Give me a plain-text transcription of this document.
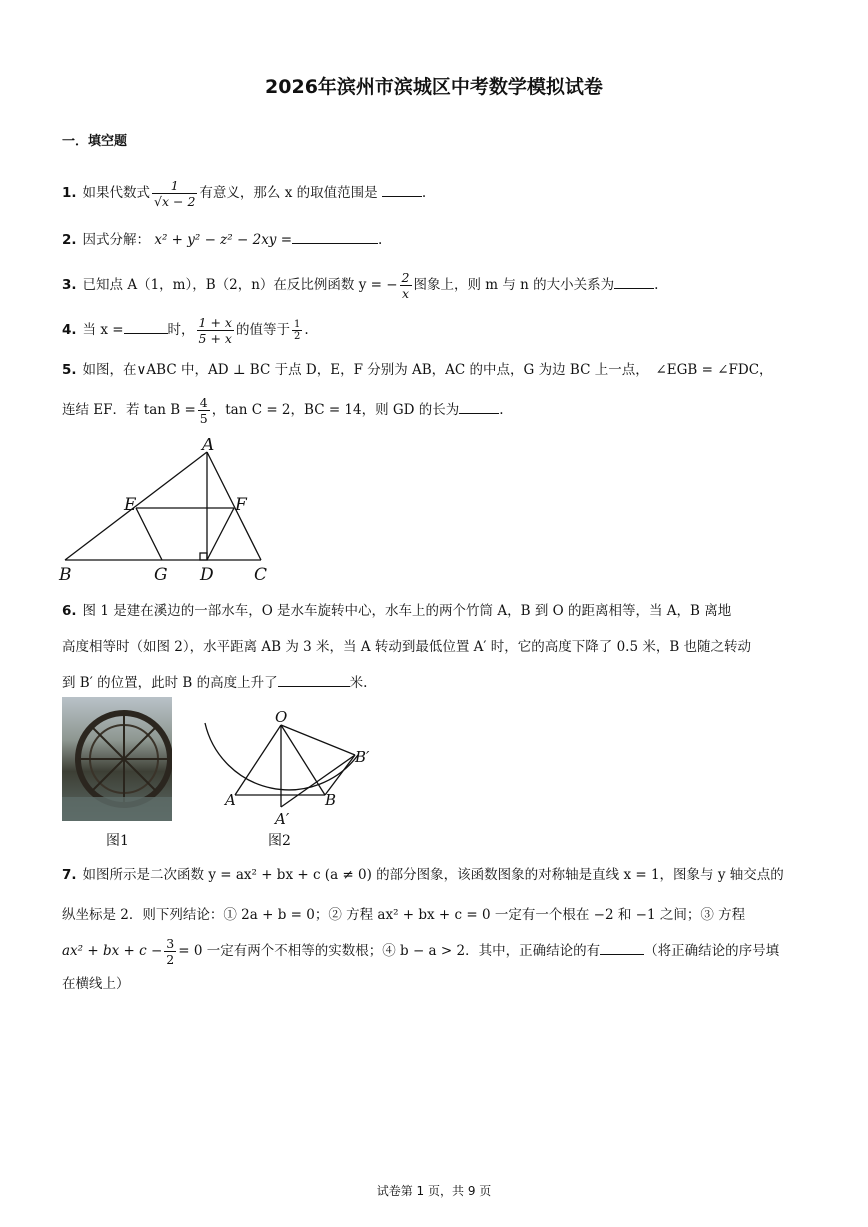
2026年滨州市滨城区中考数学模拟试卷
一．填空题
1. 如果代数式 $\frac{1}{√x - 2}$ 有意义，那么 x 的取值范围是	.
2. 因式分解： x² + y² − z² − 2xy =	.
3. 已知点 A（1，m），B（2，n）在反比例函数 y = − $\frac{2}{x}$ 图象上，则 m 与 n 的大小关系为	.
4. 当 x =	时， $\frac{1 + x}{5 + x}$ 的值等于 $\frac{1}{2}$ .
5. 如图，在∨ABC 中，AD ⊥ BC 于点 D，E，F 分别为 AB，AC 的中点，G 为边 BC 上一点，　∠EGB = ∠FDC，
连结 EF．若 $\tan B = \frac{4}{5}$ ，tan C = 2，BC = 14，则 GD 的长为	.
A
B	C
D
E	F
G
6. 图 1 是建在溪边的一部水车，O 是水车旋转中心，水车上的两个竹筒 A，B 到 O 的距离相等，当 A，B 离地
高度相等时（如图 2），水平距离 AB 为 3 米，当 A 转动到最低位置 A′ 时，它的高度下降了 0.5 米，B 也随之转动
到 B′ 的位置，此时 B 的高度上升了	米.
图1
O
A	B
A′
B′
图2
7. 如图所示是二次函数 y = ax² + bx + c (a ≠ 0) 的部分图象，该函数图象的对称轴是直线 x = 1，图象与 y 轴交点的
纵坐标是 2．则下列结论：① 2a + b = 0；② 方程 ax² + bx + c = 0 一定有一个根在 −2 和 −1 之间；③ 方程
ax² + bx + $c - \frac{3}{2} = 0$ 一定有两个不相等的实数根；④ b − a > 2．其中，正确结论的有	（将正确结论的序号填
在横线上）
试卷第 1 页，共 9 页
